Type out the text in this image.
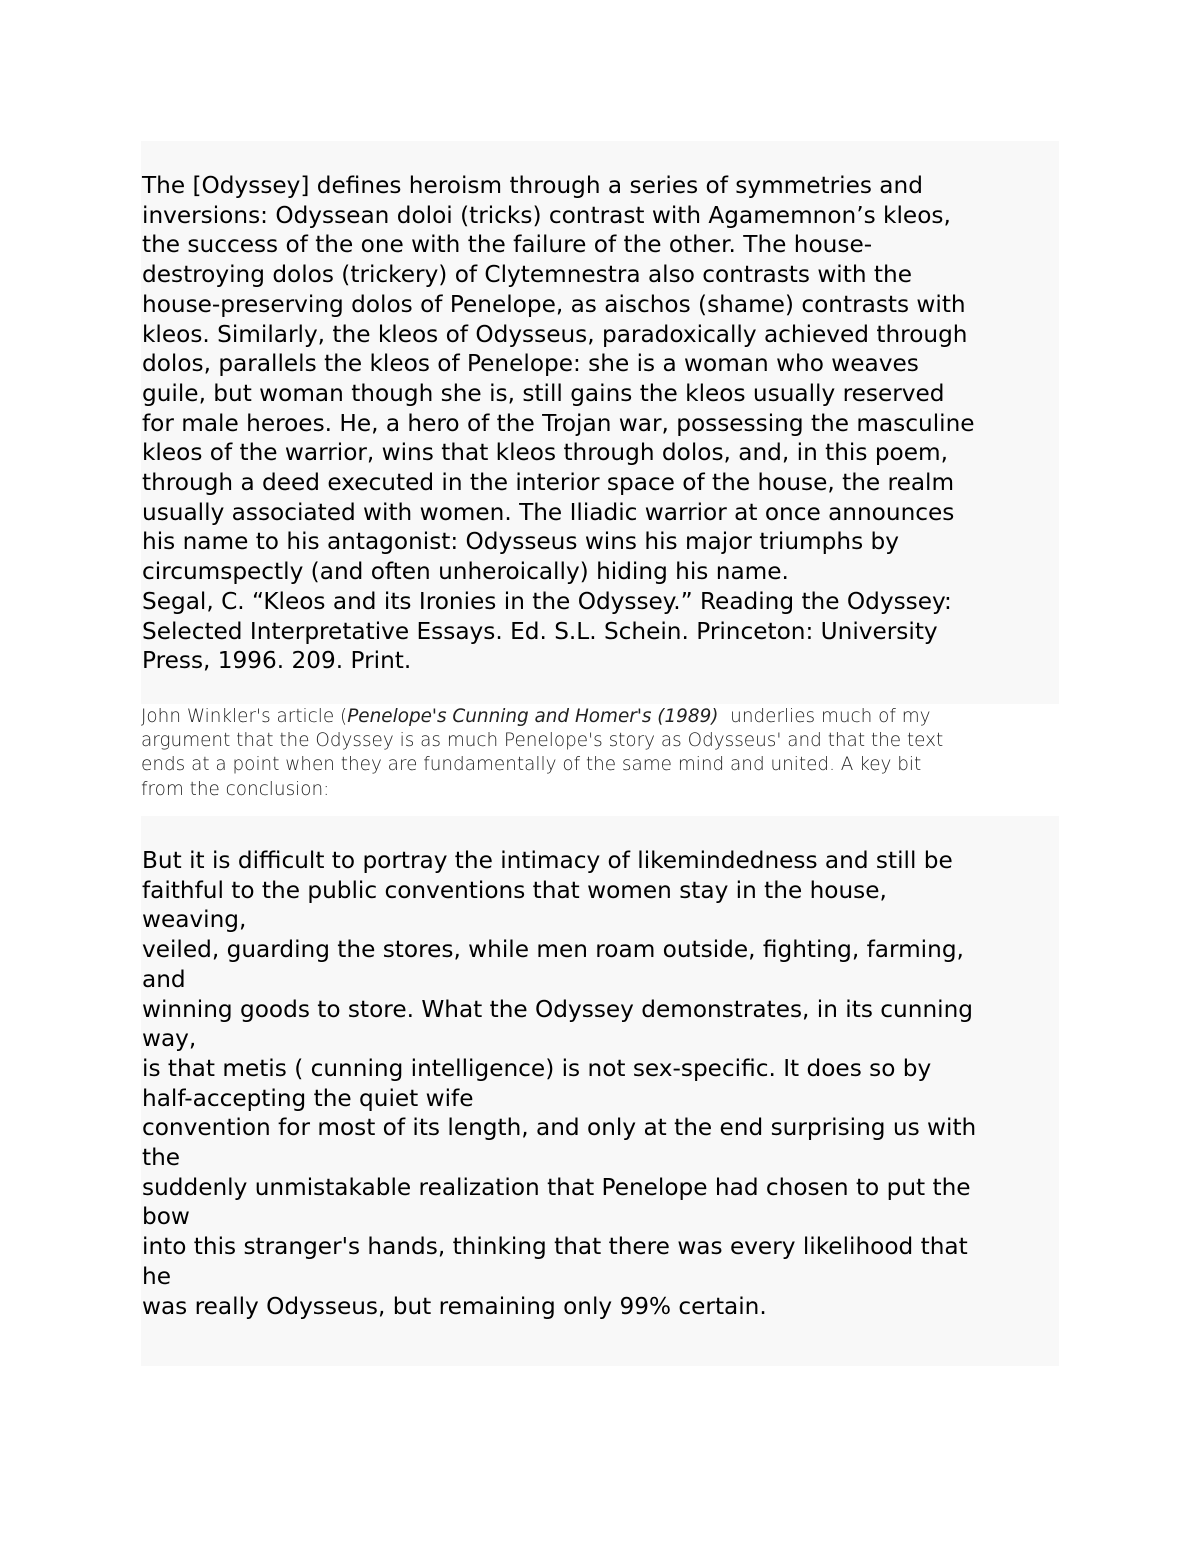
The [Odyssey] defines heroism through a series of symmetries and
inversions: Odyssean doloi (tricks) contrast with Agamemnon’s kleos,
the success of the one with the failure of the other. The house-
destroying dolos (trickery) of Clytemnestra also contrasts with the
house-preserving dolos of Penelope, as aischos (shame) contrasts with
kleos. Similarly, the kleos of Odysseus, paradoxically achieved through
dolos, parallels the kleos of Penelope: she is a woman who weaves
guile, but woman though she is, still gains the kleos usually reserved
for male heroes. He, a hero of the Trojan war, possessing the masculine
kleos of the warrior, wins that kleos through dolos, and, in this poem,
through a deed executed in the interior space of the house, the realm
usually associated with women. The Iliadic warrior at once announces
his name to his antagonist: Odysseus wins his major triumphs by
circumspectly (and often unheroically) hiding his name.
Segal, C. “Kleos and its Ironies in the Odyssey.” Reading the Odyssey:
Selected Interpretative Essays. Ed. S.L. Schein. Princeton: University
Press, 1996. 209. Print.
John Winkler's article (Penelope's Cunning and Homer's (1989)  underlies much of my
argument that the Odyssey is as much Penelope's story as Odysseus' and that the text
ends at a point when they are fundamentally of the same mind and united. A key bit
from the conclusion:
But it is difficult to portray the intimacy of likemindedness and still be
faithful to the public conventions that women stay in the house,
weaving,
veiled, guarding the stores, while men roam outside, fighting, farming,
and
winning goods to store. What the Odyssey demonstrates, in its cunning
way,
is that metis ( cunning intelligence) is not sex-specific. It does so by
half-accepting the quiet wife
convention for most of its length, and only at the end surprising us with
the
suddenly unmistakable realization that Penelope had chosen to put the
bow
into this stranger's hands, thinking that there was every likelihood that
he
was really Odysseus, but remaining only 99% certain.
